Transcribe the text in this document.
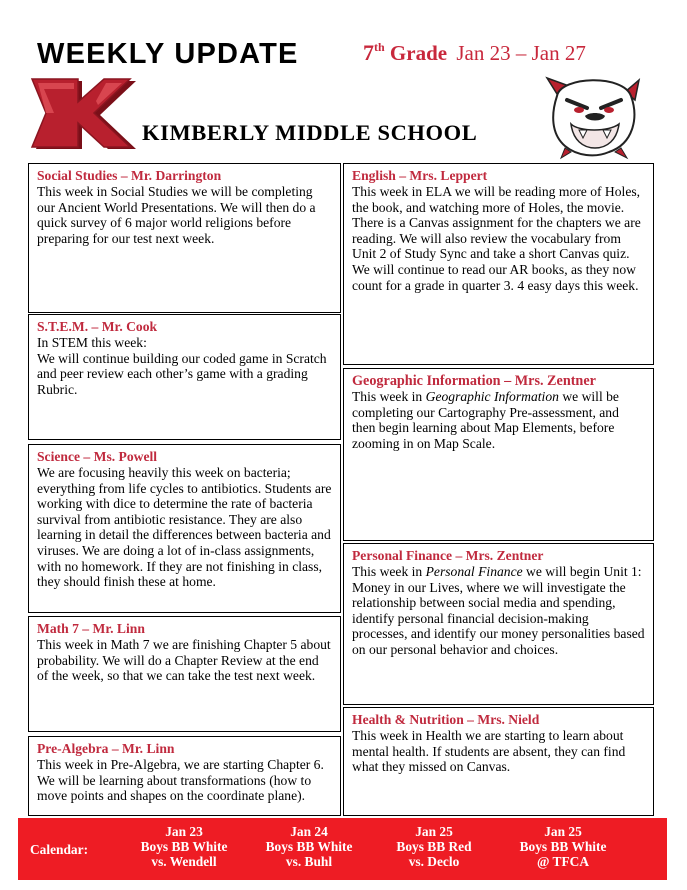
WEEKLY UPDATE	7th Grade Jan 23 – Jan 27
KIMBERLY MIDDLE SCHOOL
Social Studies – Mr. Darrington
This week in Social Studies we will be completing our Ancient World Presentations. We will then do a quick survey of 6 major world religions before preparing for our test next week.
S.T.E.M. – Mr. Cook

In STEM this week:

We will continue building our coded game in Scratch and peer review each other’s game with a grading Rubric.

Science – Ms. Powell
We are focusing heavily this week on bacteria; everything from life cycles to antibiotics. Students are working with dice to determine the rate of bacteria survival from antibiotic resistance. They are also learning in detail the differences between bacteria and viruses. We are doing a lot of in-class assignments, with no homework. If they are not finishing in class, they should finish these at home.
Math 7 – Mr. Linn
This week in Math 7 we are finishing Chapter 5 about probability. We will do a Chapter Review at the end of the week, so that we can take the test next week.
Pre-Algebra – Mr. Linn
This week in Pre-Algebra, we are starting Chapter 6. We will be learning about transformations (how to move points and shapes on the coordinate plane).
English – Mrs. Leppert
This week in ELA we will be reading more of Holes, the book, and watching more of Holes, the movie. There is a Canvas assignment for the chapters we are reading. We will also review the vocabulary from Unit 2 of Study Sync and take a short Canvas quiz. We will continue to read our AR books, as they now count for a grade in quarter 3. 4 easy days this week.
Geographic Information – Mrs. Zentner
This week in Geographic Information we will be completing our Cartography Pre-assessment, and then begin learning about Map Elements, before zooming in on Map Scale.
Personal Finance – Mrs. Zentner
This week in Personal Finance we will begin Unit 1: Money in our Lives, where we will investigate the relationship between social media and spending, identify personal financial decision-making processes, and identify our money personalities based on our personal behavior and choices.
Health & Nutrition – Mrs. Nield
This week in Health we are starting to learn about mental health. If students are absent, they can find what they missed on Canvas.
Calendar:
Jan 23
Boys BB White
vs. Wendell
Jan 24
Boys BB White
vs. Buhl
Jan 25
Boys BB Red
vs. Declo
Jan 25
Boys BB White
@ TFCA
